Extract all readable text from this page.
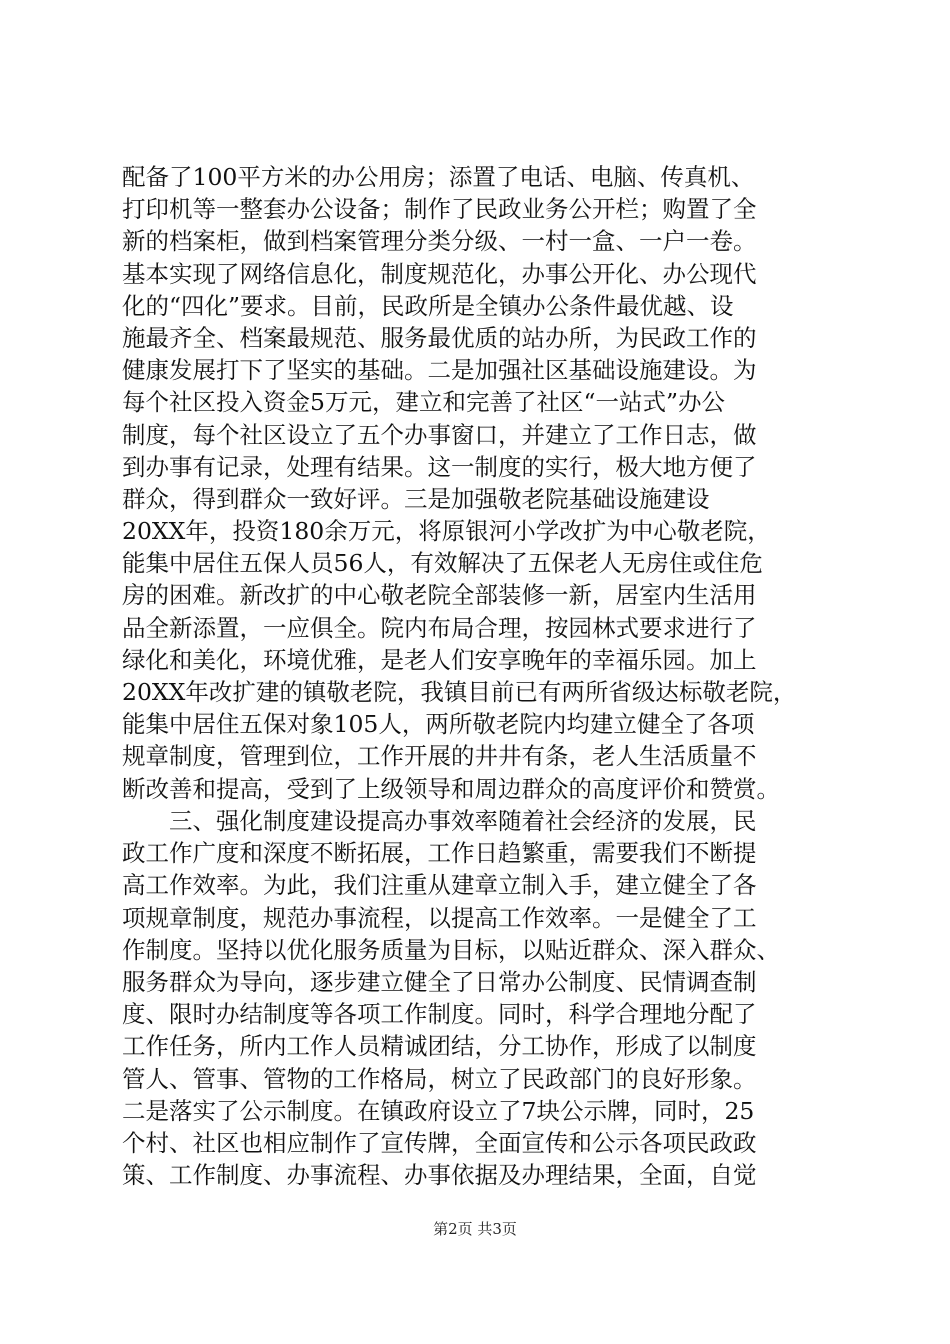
配备了100平方米的办公用房；添置了电话、电脑、传真机、
打印机等一整套办公设备；制作了民政业务公开栏；购置了全
新的档案柜，做到档案管理分类分级、一村一盒、一户一卷。
基本实现了网络信息化，制度规范化，办事公开化、办公现代
化的“四化”要求。目前，民政所是全镇办公条件最优越、设
施最齐全、档案最规范、服务最优质的站办所，为民政工作的
健康发展打下了坚实的基础。二是加强社区基础设施建设。为
每个社区投入资金5万元，建立和完善了社区“一站式”办公
制度，每个社区设立了五个办事窗口，并建立了工作日志，做
到办事有记录，处理有结果。这一制度的实行，极大地方便了
群众，得到群众一致好评。三是加强敬老院基础设施建设
20XX年，投资180余万元，将原银河小学改扩为中心敬老院，
能集中居住五保人员56人，有效解决了五保老人无房住或住危
房的困难。新改扩的中心敬老院全部装修一新，居室内生活用
品全新添置，一应俱全。院内布局合理，按园林式要求进行了
绿化和美化，环境优雅，是老人们安享晚年的幸福乐园。加上
20XX年改扩建的镇敬老院，我镇目前已有两所省级达标敬老院，
能集中居住五保对象105人，两所敬老院内均建立健全了各项
规章制度，管理到位，工作开展的井井有条，老人生活质量不
断改善和提高，受到了上级领导和周边群众的高度评价和赞赏。
　　三、强化制度建设提高办事效率随着社会经济的发展，民
政工作广度和深度不断拓展，工作日趋繁重，需要我们不断提
高工作效率。为此，我们注重从建章立制入手，建立健全了各
项规章制度，规范办事流程，以提高工作效率。一是健全了工
作制度。坚持以优化服务质量为目标，以贴近群众、深入群众、
服务群众为导向，逐步建立健全了日常办公制度、民情调查制
度、限时办结制度等各项工作制度。同时，科学合理地分配了
工作任务，所内工作人员精诚团结，分工协作，形成了以制度
管人、管事、管物的工作格局，树立了民政部门的良好形象。
二是落实了公示制度。在镇政府设立了7块公示牌，同时，25
个村、社区也相应制作了宣传牌，全面宣传和公示各项民政政
策、工作制度、办事流程、办事依据及办理结果，全面，自觉
第2页 共3页
